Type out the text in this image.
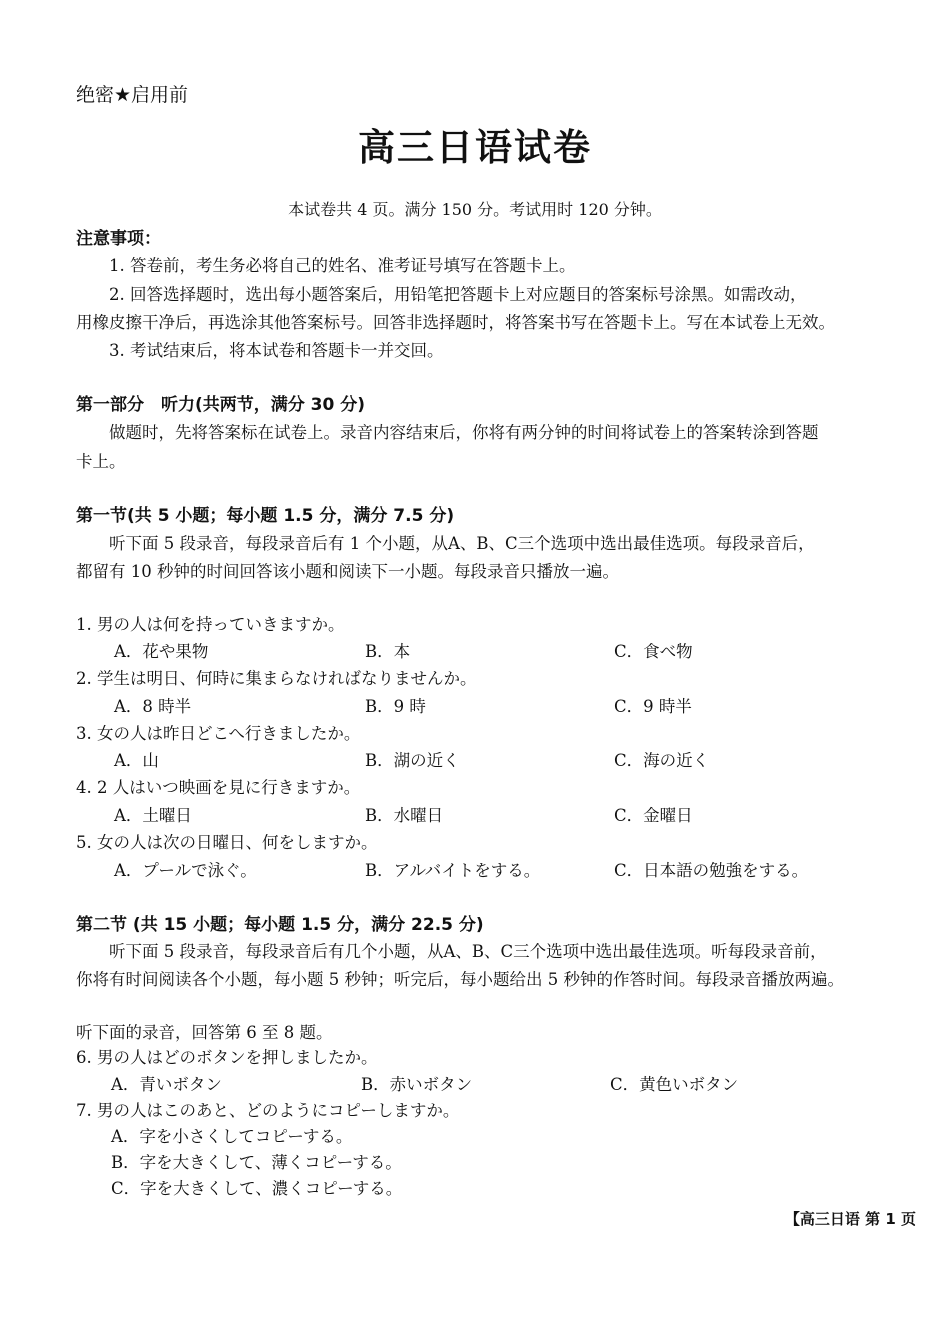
绝密★启用前
高三日语试卷
本试卷共 4 页。满分 150 分。考试用时 120 分钟。
注意事项：
1. 答卷前，考生务必将自己的姓名、准考证号填写在答题卡上。
2. 回答选择题时，选出每小题答案后，用铅笔把答题卡上对应题目的答案标号涂黑。如需改动，
用橡皮擦干净后，再选涂其他答案标号。回答非选择题时，将答案书写在答题卡上。写在本试卷上无效。
3. 考试结束后，将本试卷和答题卡一并交回。
第一部分　听力(共两节，满分 30 分)
做题时，先将答案标在试卷上。录音内容结束后，你将有两分钟的时间将试卷上的答案转涂到答题
卡上。
第一节(共 5 小题；每小题 1.5 分，满分 7.5 分)
听下面 5 段录音，每段录音后有 1 个小题，从A、B、C三个选项中选出最佳选项。每段录音后，
都留有 10 秒钟的时间回答该小题和阅读下一小题。每段录音只播放一遍。
1. 男の人は何を持っていきますか。
A．花や果物	B．本	C．食べ物
2. 学生は明日、何時に集まらなければなりませんか。
A．8 時半	B．9 時	C．9 時半
3. 女の人は昨日どこへ行きましたか。
A．山	B．湖の近く	C．海の近く
4. 2 人はいつ映画を見に行きますか。
A．土曜日	B．水曜日	C．金曜日
5. 女の人は次の日曜日、何をしますか。
A．プールで泳ぐ。	B．アルバイトをする。	C．日本語の勉強をする。
第二节 (共 15 小题；每小题 1.5 分，满分 22.5 分)
听下面 5 段录音，每段录音后有几个小题，从A、B、C三个选项中选出最佳选项。听每段录音前，
你将有时间阅读各个小题，每小题 5 秒钟；听完后，每小题给出 5 秒钟的作答时间。每段录音播放两遍。
听下面的录音，回答第 6 至 8 题。
6. 男の人はどのボタンを押しましたか。
A．青いボタン	B．赤いボタン	C．黄色いボタン
7. 男の人はこのあと、どのようにコピーしますか。
A．字を小さくしてコピーする。
B．字を大きくして、薄くコピーする。
C．字を大きくして、濃くコピーする。
【高三日语 第 1 页
